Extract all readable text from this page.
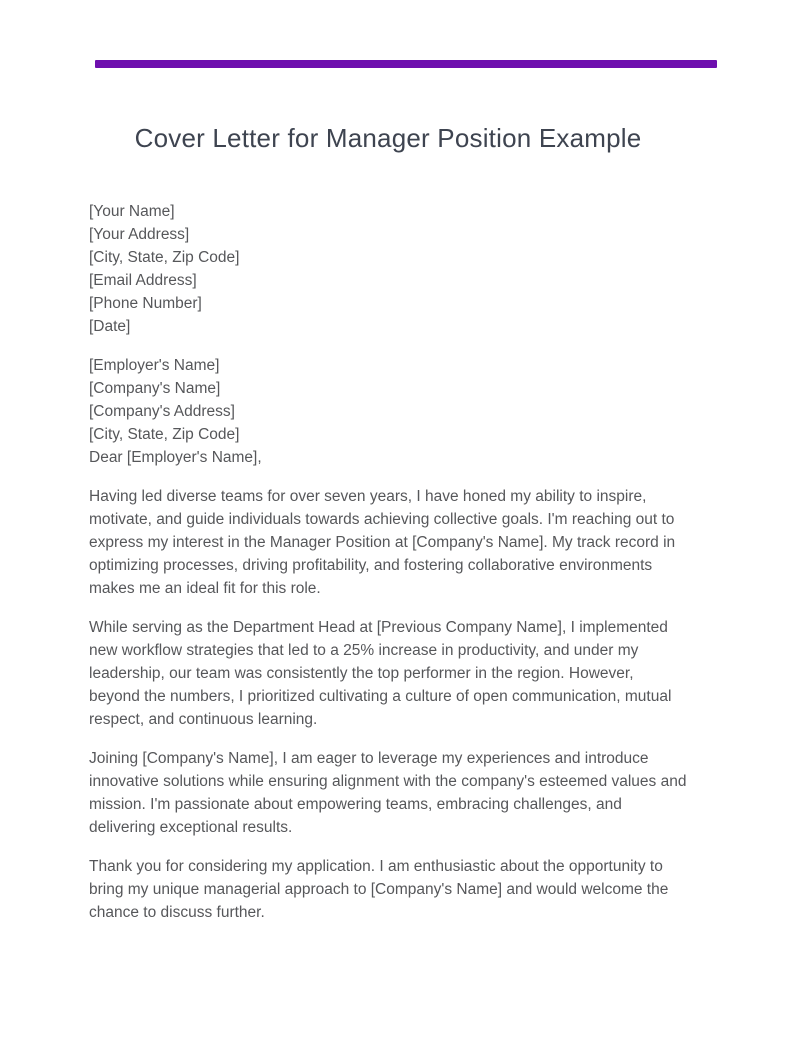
Cover Letter for Manager Position Example
[Your Name]
[Your Address]
[City, State, Zip Code]
[Email Address]
[Phone Number]
[Date]
[Employer's Name]
[Company's Name]
[Company's Address]
[City, State, Zip Code]
Dear [Employer's Name],

Having led diverse teams for over seven years, I have honed my ability to inspire, motivate, and guide individuals towards achieving collective goals. I'm reaching out to express my interest in the Manager Position at [Company's Name]. My track record in optimizing processes, driving profitability, and fostering collaborative environments makes me an ideal fit for this role.

While serving as the Department Head at [Previous Company Name], I implemented new workflow strategies that led to a 25% increase in productivity, and under my leadership, our team was consistently the top performer in the region. However, beyond the numbers, I prioritized cultivating a culture of open communication, mutual respect, and continuous learning.

Joining [Company's Name], I am eager to leverage my experiences and introduce innovative solutions while ensuring alignment with the company's esteemed values and mission. I'm passionate about empowering teams, embracing challenges, and delivering exceptional results.

Thank you for considering my application. I am enthusiastic about the opportunity to bring my unique managerial approach to [Company's Name] and would welcome the chance to discuss further.
